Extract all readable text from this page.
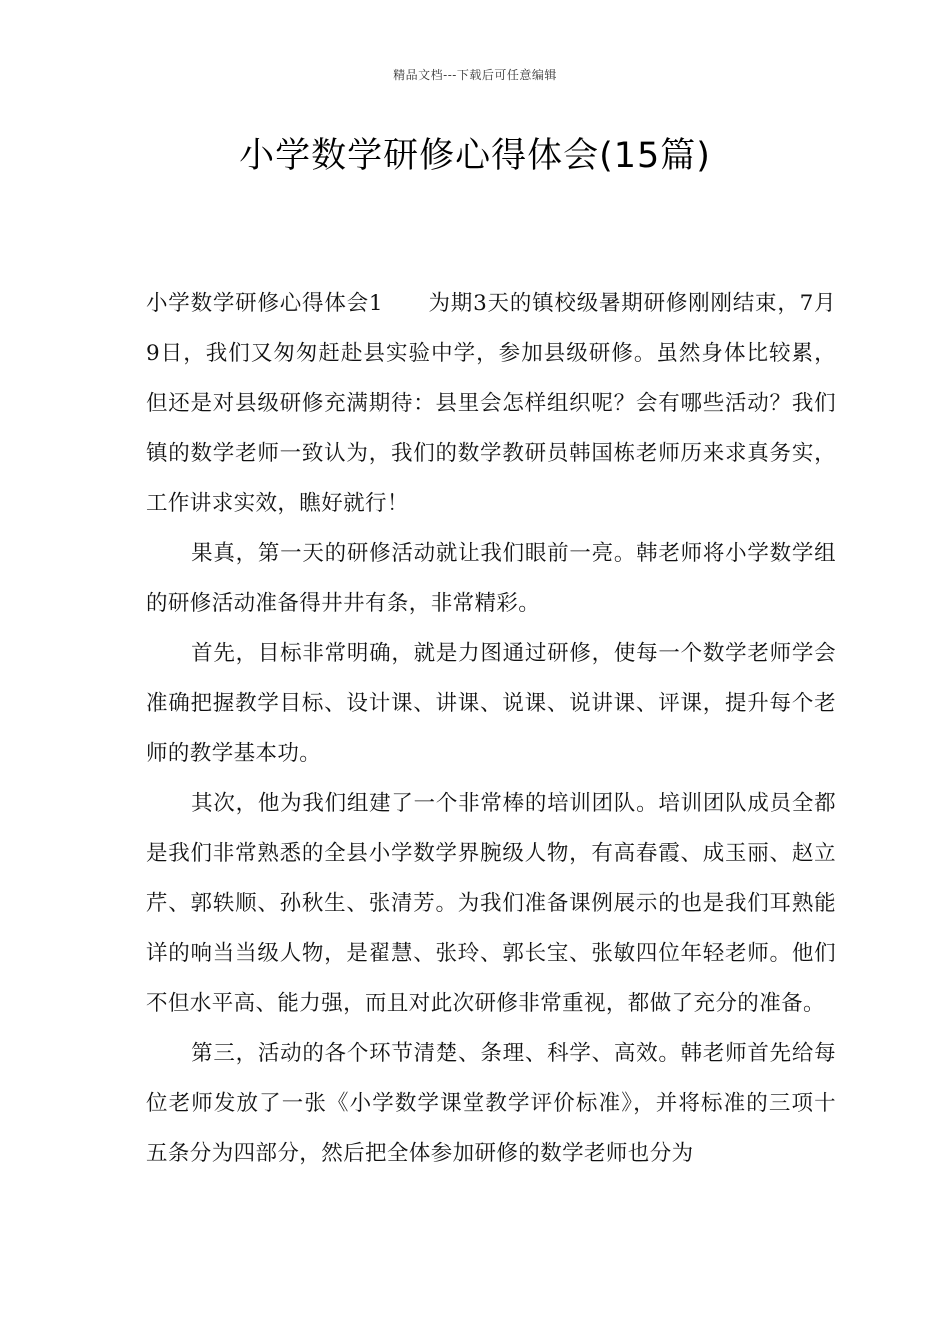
精品文档---下载后可任意编辑
小学数学研修心得体会(15篇)

小学数学研修心得体会1 为期3天的镇校级暑期研修刚刚结束，7月9日，我们又匆匆赶赴县实验中学，参加县级研修。虽然身体比较累，但还是对县级研修充满期待：县里会怎样组织呢？会有哪些活动？我们镇的数学老师一致认为，我们的数学教研员韩国栋老师历来求真务实，工作讲求实效，瞧好就行！

果真，第一天的研修活动就让我们眼前一亮。韩老师将小学数学组的研修活动准备得井井有条，非常精彩。

首先，目标非常明确，就是力图通过研修，使每一个数学老师学会准确把握教学目标、设计课、讲课、说课、说讲课、评课，提升每个老师的教学基本功。

其次，他为我们组建了一个非常棒的培训团队。培训团队成员全都是我们非常熟悉的全县小学数学界腕级人物，有高春霞、成玉丽、赵立芹、郭轶顺、孙秋生、张清芳。为我们准备课例展示的也是我们耳熟能详的响当当级人物，是翟慧、张玲、郭长宝、张敏四位年轻老师。他们不但水平高、能力强，而且对此次研修非常重视，都做了充分的准备。

第三，活动的各个环节清楚、条理、科学、高效。韩老师首先给每位老师发放了一张《小学数学课堂教学评价标准》，并将标准的三项十五条分为四部分，然后把全体参加研修的数学老师也分为
